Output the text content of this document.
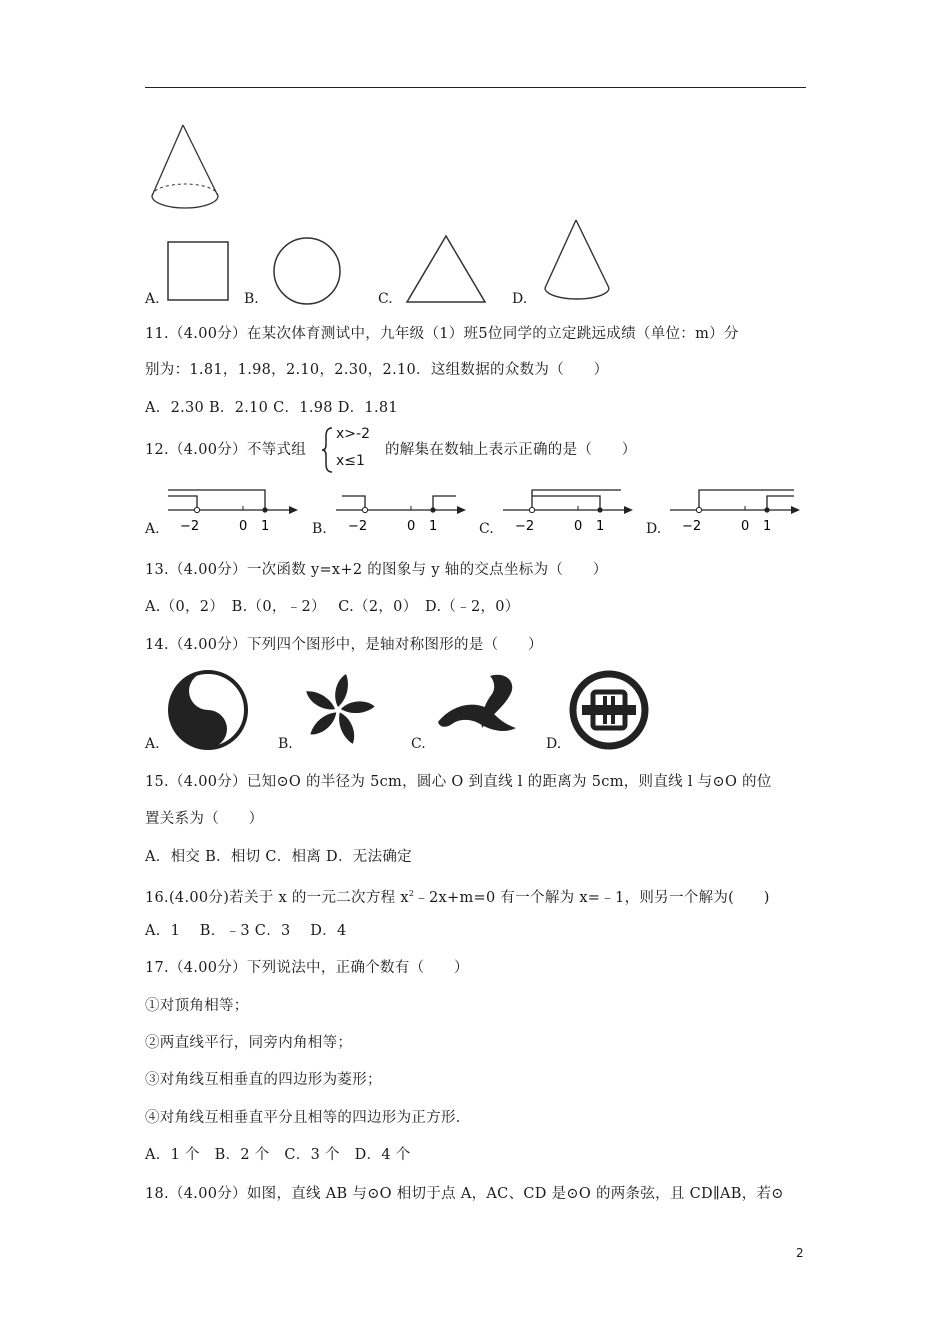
A.	B.	C.	D.
11.（4.00分）在某次体育测试中，九年级（1）班5位同学的立定跳远成绩（单位：m）分
别为：1.81，1.98，2.10，2.30，2.10．这组数据的众数为（　　）
A．2.30 B．2.10 C．1.98 D．1.81
12.（4.00分）不等式组
x>-2
x≤1
的解集在数轴上表示正确的是（　　）
A. −2	0 1	B. −2	0 1	C. −2	0 1	D. −2	0 1
13.（4.00分）一次函数 y=x+2 的图象与 y 轴的交点坐标为（　　）
A.（0，2）　B.（0，﹣2）　 C.（2，0）　D.（﹣2，0）
14.（4.00分）下列四个图形中，是轴对称图形的是（　　）
A.	B.	C.	D.
15.（4.00分）已知⊙O 的半径为 5cm，圆心 O 到直线 l 的距离为 5cm，则直线 l 与⊙O 的位
置关系为（　　）
A．相交 B．相切 C．相离 D．无法确定
16.(4.00分)若关于 x 的一元二次方程 $x^2﹣2x+m=0$ 有一个解为 x=﹣1，则另一个解为(　　)
A．1　 B．﹣3 C．3　 D．4
17.（4.00分）下列说法中，正确个数有（　　）
①对顶角相等；
②两直线平行，同旁内角相等；
③对角线互相垂直的四边形为菱形；
④对角线互相垂直平分且相等的四边形为正方形．
A．1 个　B．2 个　C．3 个　D．4 个
18.（4.00分）如图，直线 AB 与⊙O 相切于点 A，AC、CD 是⊙O 的两条弦，且 CD∥AB，若⊙
2
